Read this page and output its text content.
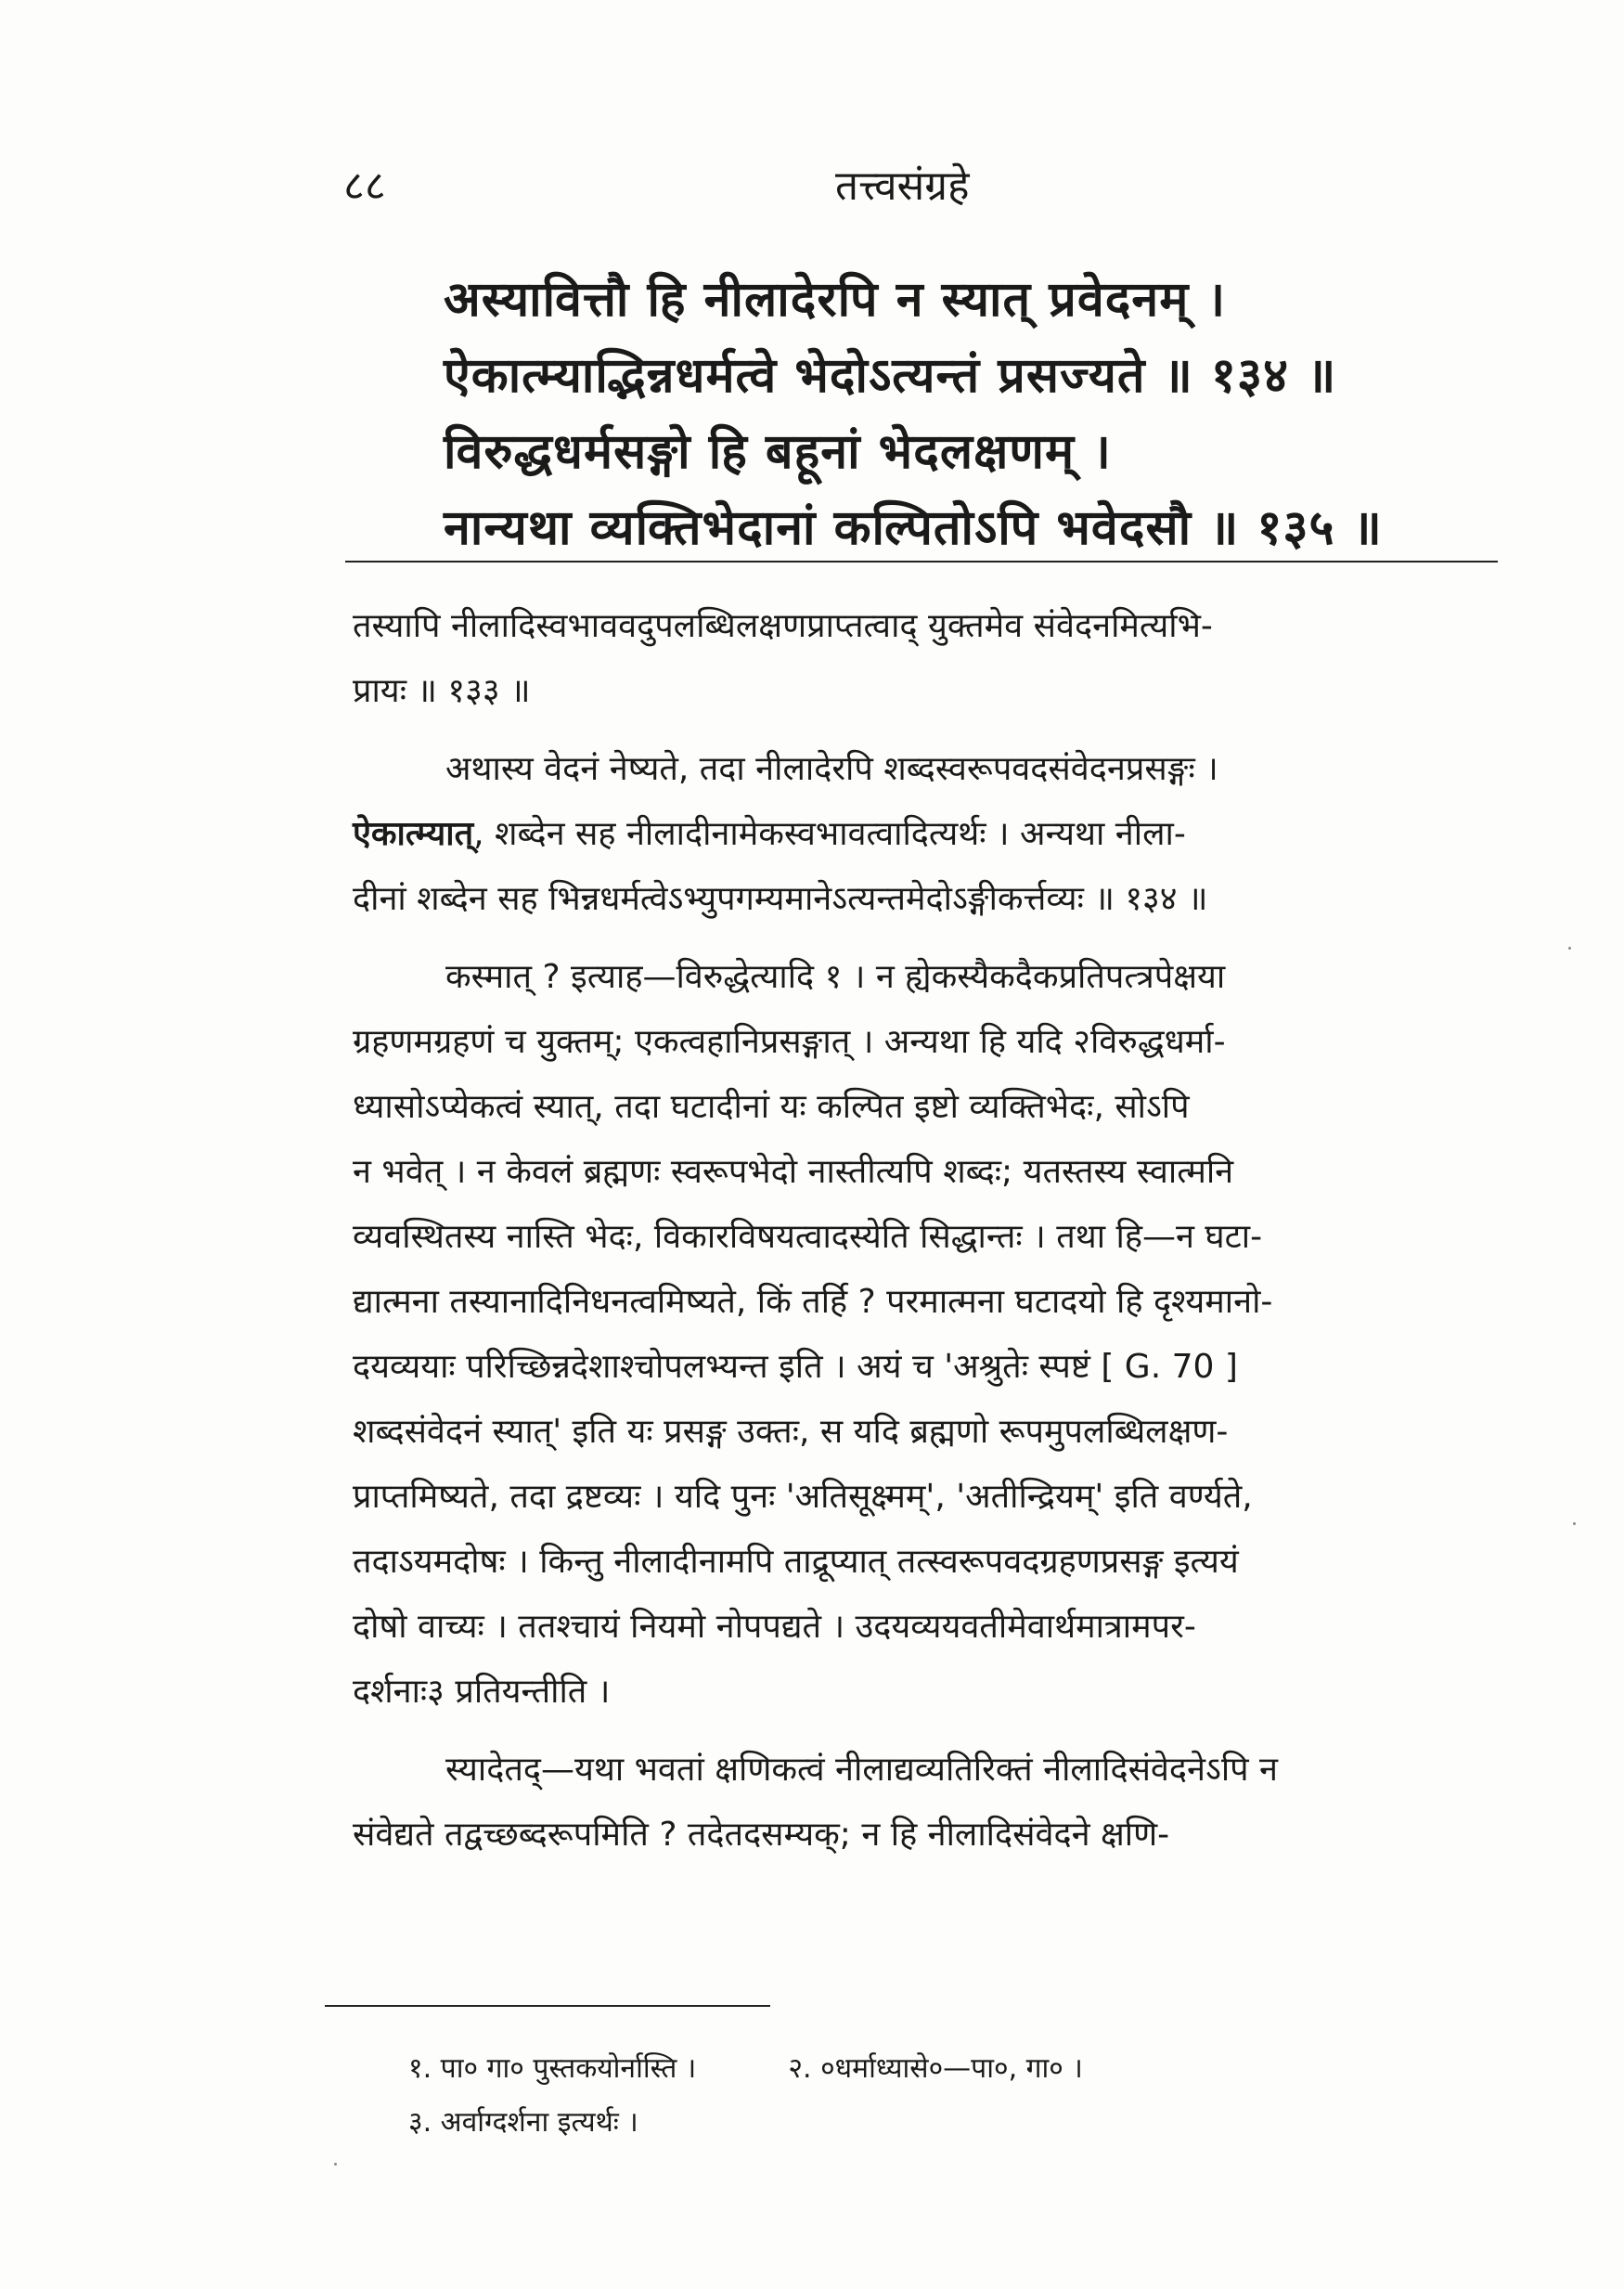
८८	तत्त्वसंग्रहे
अस्यावित्तौ हि नीलादेरपि न स्यात् प्रवेदनम् ।
ऐकात्म्याद्भिन्नधर्मत्वे भेदोऽत्यन्तं प्रसज्यते ॥ १३४ ॥
विरुद्धधर्मसङ्गो हि बहूनां भेदलक्षणम् ।
नान्यथा व्यक्तिभेदानां कल्पितोऽपि भवेदसौ ॥ १३५ ॥

तस्यापि नीलादिस्वभाववदुपलब्धिलक्षणप्राप्तत्वाद् युक्तमेव संवेदनमित्यभि-
प्रायः ॥ १३३ ॥

अथास्य वेदनं नेष्यते, तदा नीलादेरपि शब्दस्वरूपवदसंवेदनप्रसङ्गः ।
ऐकात्म्यात्, शब्देन सह नीलादीनामेकस्वभावत्वादित्यर्थः । अन्यथा नीला-
दीनां शब्देन सह भिन्नधर्मत्वेऽभ्युपगम्यमानेऽत्यन्तमेदोऽङ्गीकर्त्तव्यः ॥ १३४ ॥

कस्मात् ? इत्याह—विरुद्धेत्यादि १ । न ह्येकस्यैकदैकप्रतिपत्त्रपेक्षया
ग्रहणमग्रहणं च युक्तम्; एकत्वहानिप्रसङ्गात् । अन्यथा हि यदि २विरुद्धधर्मा-
ध्यासोऽप्येकत्वं स्यात्, तदा घटादीनां यः कल्पित इष्टो व्यक्तिभेदः, सोऽपि
न भवेत् । न केवलं ब्रह्मणः स्वरूपभेदो नास्तीत्यपि शब्दः; यतस्तस्य स्वात्मनि
व्यवस्थितस्य नास्ति भेदः, विकारविषयत्वादस्येति सिद्धान्तः । तथा हि—न घटा-
द्यात्मना तस्यानादिनिधनत्वमिष्यते, किं तर्हि ? परमात्मना घटादयो हि दृश्यमानो-
दयव्ययाः परिच्छिन्नदेशाश्चोपलभ्यन्त इति । अयं च 'अश्रुतेः स्पष्टं [ G. 70 ]
शब्दसंवेदनं स्यात्' इति यः प्रसङ्ग उक्तः, स यदि ब्रह्मणो रूपमुपलब्धिलक्षण-
प्राप्तमिष्यते, तदा द्रष्टव्यः । यदि पुनः 'अतिसूक्ष्मम्', 'अतीन्द्रियम्' इति वर्ण्यते,
तदाऽयमदोषः । किन्तु नीलादीनामपि ताद्रूप्यात् तत्स्वरूपवदग्रहणप्रसङ्ग इत्ययं
दोषो वाच्यः । ततश्चायं नियमो नोपपद्यते । उदयव्ययवतीमेवार्थमात्रामपर-
दर्शनाः३ प्रतियन्तीति ।

स्यादेतद्—यथा भवतां क्षणिकत्वं नीलाद्यव्यतिरिक्तं नीलादिसंवेदनेऽपि न
संवेद्यते तद्वच्छब्दरूपमिति ? तदेतदसम्यक्; न हि नीलादिसंवेदने क्षणि-

१. पा० गा० पुस्तकयोर्नास्ति ।	२. ०धर्माध्यासे०—पा०, गा० ।
३. अर्वाग्दर्शना इत्यर्थः ।
